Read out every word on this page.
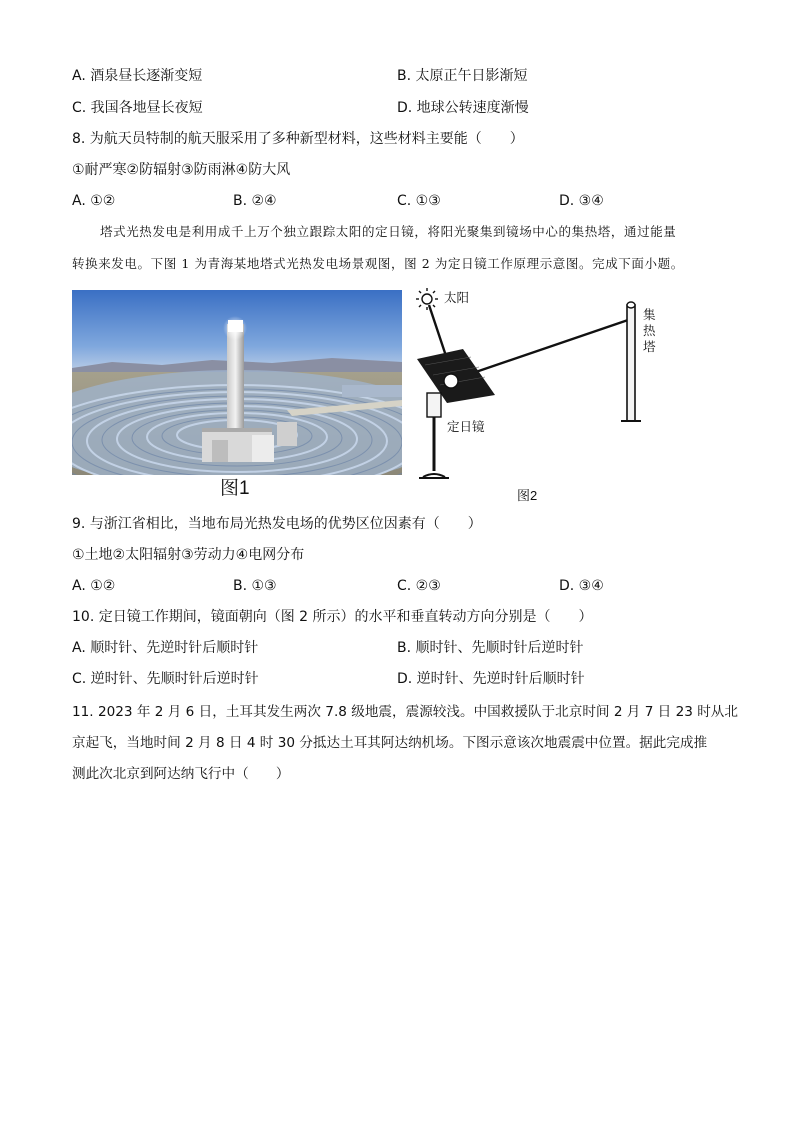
A. 酒泉昼长逐渐变短	B. 太原正午日影渐短
C. 我国各地昼长夜短	D. 地球公转速度渐慢
8. 为航天员特制的航天服采用了多种新型材料，这些材料主要能（　　）
①耐严寒②防辐射③防雨淋④防大风
A. ①②	B. ②④	C. ①③	D. ③④
塔式光热发电是利用成千上万个独立跟踪太阳的定日镜，将阳光聚集到镜场中心的集热塔，通过能量
转换来发电。下图 1 为青海某地塔式光热发电场景观图，图 2 为定日镜工作原理示意图。完成下面小题。
图1
太阳
定日镜
集
热
塔
图2
9. 与浙江省相比，当地布局光热发电场的优势区位因素有（　　）
①土地②太阳辐射③劳动力④电网分布
A. ①②	B. ①③	C. ②③	D. ③④
10. 定日镜工作期间，镜面朝向（图 2 所示）的水平和垂直转动方向分别是（　　）
A. 顺时针、先逆时针后顺时针	B. 顺时针、先顺时针后逆时针
C. 逆时针、先顺时针后逆时针	D. 逆时针、先逆时针后顺时针
11. 2023 年 2 月 6 日，土耳其发生两次 7.8 级地震，震源较浅。中国救援队于北京时间 2 月 7 日 23 时从北
京起飞，当地时间 2 月 8 日 4 时 30 分抵达土耳其阿达纳机场。下图示意该次地震震中位置。据此完成推
测此次北京到阿达纳飞行中（　　）
